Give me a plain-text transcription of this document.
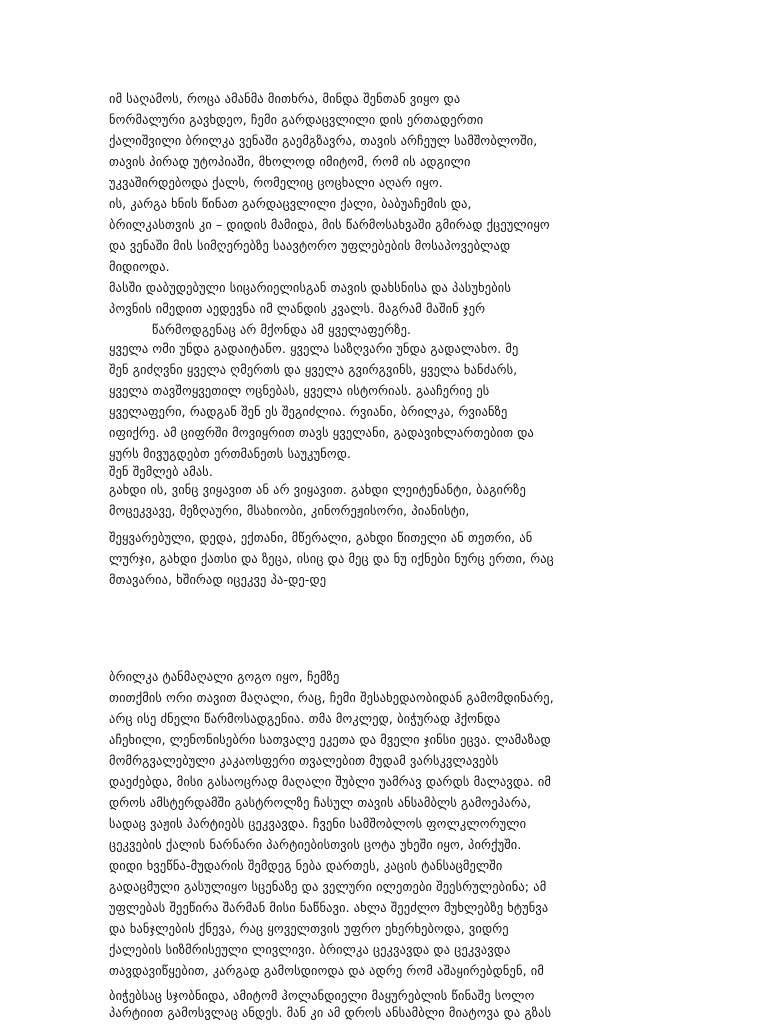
იმ საღამოს, როცა ამანმა მითხრა, მინდა შენთან ვიყო და
ნორმალური გავხდეო, ჩემი გარდაცვლილი დის ერთადერთი
ქალიშვილი ბრილკა ვენაში გაემგზავრა, თავის არჩეულ სამშობლოში,
თავის პირად უტოპიაში, მხოლოდ იმიტომ, რომ ის ადგილი
უკვაშირდებოდა ქალს, რომელიც ცოცხალი აღარ იყო.
ის, კარგა ხნის წინათ გარდაცვლილი ქალი, ბაბუაჩემის და,
ბრილკასთვის კი – დიდის მამიდა, მის წარმოსახვაში გმირად ქცეულიყო
და ვენაში მის სიმღერებზე საავტორო უფლებების მოსაპოვებლად
მიდიოდა.
მასში დაბუდებული სიცარიელისგან თავის დახსნისა და პასუხების
პოვნის იმედით აედევნა იმ ლანდის კვალს. მაგრამ მაშინ ჯერ
წარმოდგენაც არ მქონდა ამ ყველაფერზე.
ყველა ომი უნდა გადაიტანო. ყველა საზღვარი უნდა გადალახო. მე
შენ გიძღვნი ყველა ღმერთს და ყველა გვირგვინს, ყველა ხანძარს,
ყველა თავშოყვეთილ ოცნებას, ყველა ისტორიას. გააჩერიე ეს
ყველაფერი, რადგან შენ ეს შეგიძლია. რვიანი, ბრილკა, რვიანზე
იფიქრე. ამ ციფრში მოვიყრით თავს ყველანი, გადავიხლართებით და
ყურს მივუგდებთ ერთმანეთს საუკუნოდ.
შენ შემლებ ამას.
გახდი ის, ვინც ვიყავით ან არ ვიყავით. გახდი ლეიტენანტი, ბაგირზე
მოცეკვავე, მეზღაური, მსახიობი, კინორეჟისორი, პიანისტი,
შეყვარებული, დედა, ექთანი, მწერალი, გახდი წითელი ან თეთრი, ან
ლურჯი, გახდი ქათსი და ზეცა, ისიც და მეც და ნუ იქნები ნურც ერთი, რაც
მთავარია, ხშირად იცეკვე პა-დე-დე
ბრილკა ტანმაღალი გოგო იყო, ჩემზე
თითქმის ორი თავით მაღალი, რაც, ჩემი შესახედაობიდან გამომდინარე,
არც ისე ძნელი წარმოსადგენია. თმა მოკლედ, ბიჭურად ჰქონდა
აჩეხილი, ლენონისებრი სათვალე ეკეთა და მველი ჯინსი ეცვა. ლამაზად
მომრგვალებული კაკაოსფერი თვალებით მუდამ ვარსკვლავებს
დაეძებდა, მისი გასაოცრად მაღალი შუბლი უამრავ დარდს მალავდა. იმ
დროს ამსტერდამში გასტროლზე ჩასულ თავის ანსამბლს გამოეპარა,
სადაც ვაჟის პარტიებს ცეკვავდა. ჩვენი სამშობლოს ფოლკლორული
ცეკვების ქალის ნარნარი პარტიებისთვის ცოტა უხეში იყო, პირქუში.
დიდი ხვეწნა-მუდარის შემდეგ ნება დართეს, კაცის ტანსაცმელში
გადაცმული გასულიყო სცენაზე და ველური ილეთები შეესრულებინა; ამ
უფლებას შეეწირა შარმან მისი ნაწნავი. ახლა შეეძლო მუხლებზე ხტუნვა
და ხანჯლების ქნევა, რაც ყოველთვის უფრო ეხერხებოდა, ვიდრე
ქალების სიზმრისეული ლივლივი. ბრილკა ცეკვავდა და ცეკვავდა
თავდავიწყებით, კარგად გამოსდიოდა და ადრე რომ აშაყირებდნენ, იმ
ბიჭებსაც სჯობნიდა, ამიტომ ჰოლანდიელი მაყურებლის წინაშე სოლო
პარტიით გამოსვლაც ანდეს. მან კი ამ დროს ანსამბლი მიატოვა და გზას
